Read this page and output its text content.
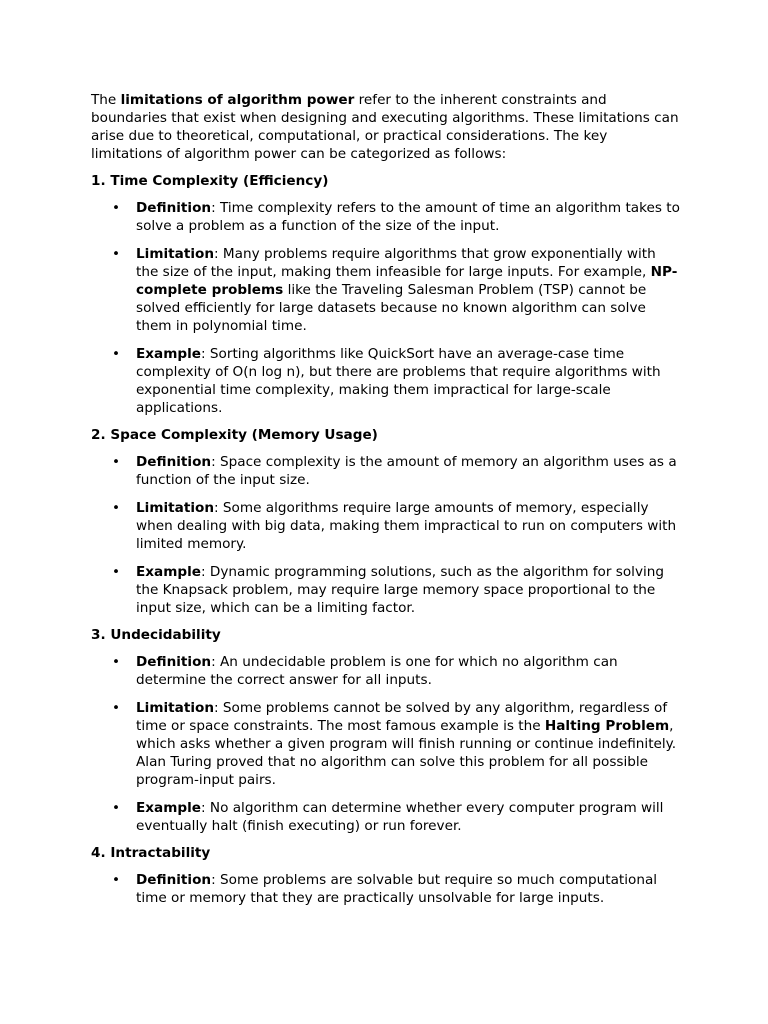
The limitations of algorithm power refer to the inherent constraints and boundaries that exist when designing and executing algorithms. These limitations can arise due to theoretical, computational, or practical considerations. The key limitations of algorithm power can be categorized as follows:

1. Time Complexity (Efficiency)
• Definition: Time complexity refers to the amount of time an algorithm takes to solve a problem as a function of the size of the input.
• Limitation: Many problems require algorithms that grow exponentially with the size of the input, making them infeasible for large inputs. For example, NP-complete problems like the Traveling Salesman Problem (TSP) cannot be solved efficiently for large datasets because no known algorithm can solve them in polynomial time.
• Example: Sorting algorithms like QuickSort have an average-case time complexity of O(n log n), but there are problems that require algorithms with exponential time complexity, making them impractical for large-scale applications.
2. Space Complexity (Memory Usage)
• Definition: Space complexity is the amount of memory an algorithm uses as a function of the input size.
• Limitation: Some algorithms require large amounts of memory, especially when dealing with big data, making them impractical to run on computers with limited memory.
• Example: Dynamic programming solutions, such as the algorithm for solving the Knapsack problem, may require large memory space proportional to the input size, which can be a limiting factor.
3. Undecidability
• Definition: An undecidable problem is one for which no algorithm can determine the correct answer for all inputs.
• Limitation: Some problems cannot be solved by any algorithm, regardless of time or space constraints. The most famous example is the Halting Problem, which asks whether a given program will finish running or continue indefinitely. Alan Turing proved that no algorithm can solve this problem for all possible program-input pairs.
• Example: No algorithm can determine whether every computer program will eventually halt (finish executing) or run forever.
4. Intractability
• Definition: Some problems are solvable but require so much computational time or memory that they are practically unsolvable for large inputs.
